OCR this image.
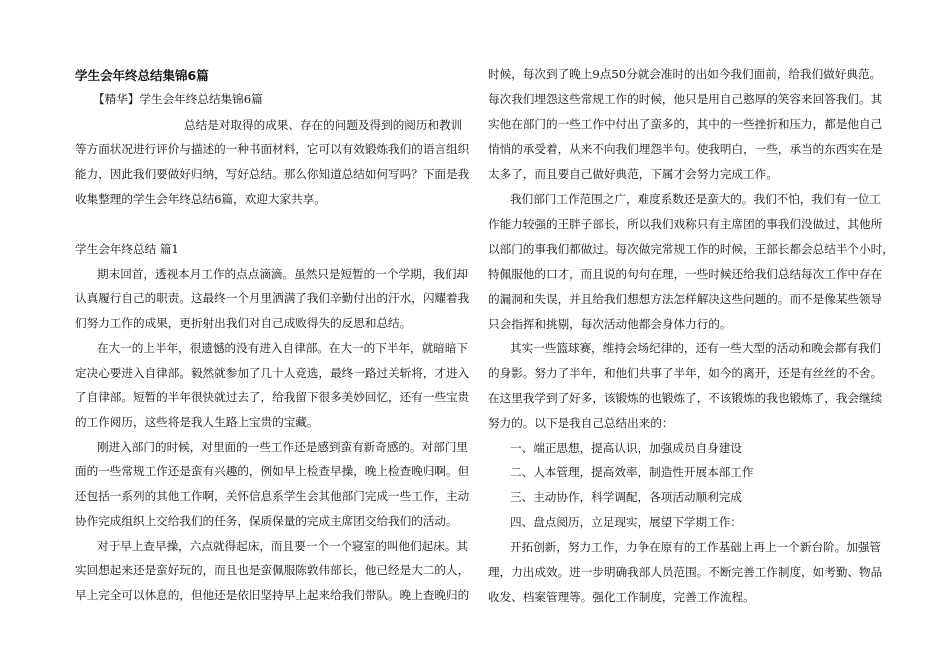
学生会年终总结集锦6篇
【精华】学生会年终总结集锦6篇
总结是对取得的成果、存在的问题及得到的阅历和教训
等方面状况进行评价与描述的一种书面材料，它可以有效锻炼我们的语言组织
能力，因此我们要做好归纳，写好总结。那么你知道总结如何写吗？下面是我
收集整理的学生会年终总结6篇，欢迎大家共享。
学生会年终总结 篇1
期末回首，透视本月工作的点点滴滴。虽然只是短暂的一个学期，我们却
认真履行自己的职责。这最终一个月里洒满了我们辛勤付出的汗水，闪耀着我
们努力工作的成果，更折射出我们对自己成败得失的反思和总结。
在大一的上半年，很遗憾的没有进入自律部。在大一的下半年，就暗暗下
定决心要进入自律部。毅然就参加了几十人竞选，最终一路过关斩将，才进入
了自律部。短暂的半年很快就过去了，给我留下很多美妙回忆，还有一些宝贵
的工作阅历，这些将是我人生路上宝贵的宝藏。
刚进入部门的时候，对里面的一些工作还是感到蛮有新奇感的。对部门里
面的一些常规工作还是蛮有兴趣的，例如早上检查早操，晚上检查晚归啊。但
还包括一系列的其他工作啊，关怀信息系学生会其他部门完成一些工作，主动
协作完成组织上交给我们的任务，保质保量的完成主席团交给我们的活动。
对于早上查早操，六点就得起床，而且要一个一个寝室的叫他们起床。其
实回想起来还是蛮好玩的，而且也是蛮佩服陈敦伟部长，他已经是大二的人，
早上完全可以休息的，但他还是依旧坚持早上起来给我们带队。晚上查晚归的
时候，每次到了晚上9点50分就会准时的出如今我们面前，给我们做好典范。
每次我们埋怨这些常规工作的时候，他只是用自己憨厚的笑容来回答我们。其
实他在部门的一些工作中付出了蛮多的，其中的一些挫折和压力，都是他自己
悄悄的承受着，从来不向我们埋怨半句。使我明白，一些，承当的东西实在是
太多了，而且要自己做好典范，下属才会努力完成工作。
我们部门工作范围之广，难度系数还是蛮大的。我们不怕，我们有一位工
作能力较强的王胖子部长，所以我们戏称只有主席团的事我们没做过，其他所
以部门的事我们都做过。每次做完常规工作的时候，王部长都会总结半个小时，
特佩服他的口才，而且说的句句在理，一些时候还给我们总结每次工作中存在
的漏洞和失误，并且给我们想想方法怎样解决这些问题的。而不是像某些领导
只会指挥和挑剔，每次活动他都会身体力行的。
其实一些篮球赛，维持会场纪律的，还有一些大型的活动和晚会都有我们
的身影。努力了半年，和他们共事了半年，如今的离开，还是有丝丝的不舍。
在这里我学到了好多，该锻炼的也锻炼了，不该锻炼的我也锻炼了，我会继续
努力的。以下是我自己总结出来的：
一、端正思想，提高认识，加强成员自身建设
二、人本管理，提高效率，制造性开展本部工作
三、主动协作，科学调配，各项活动顺利完成
四、盘点阅历，立足现实，展望下学期工作：
开拓创新，努力工作，力争在原有的工作基础上再上一个新台阶。加强管
理，力出成效。进一步明确我部人员范围。不断完善工作制度，如考勤、物品
收发、档案管理等。强化工作制度，完善工作流程。
